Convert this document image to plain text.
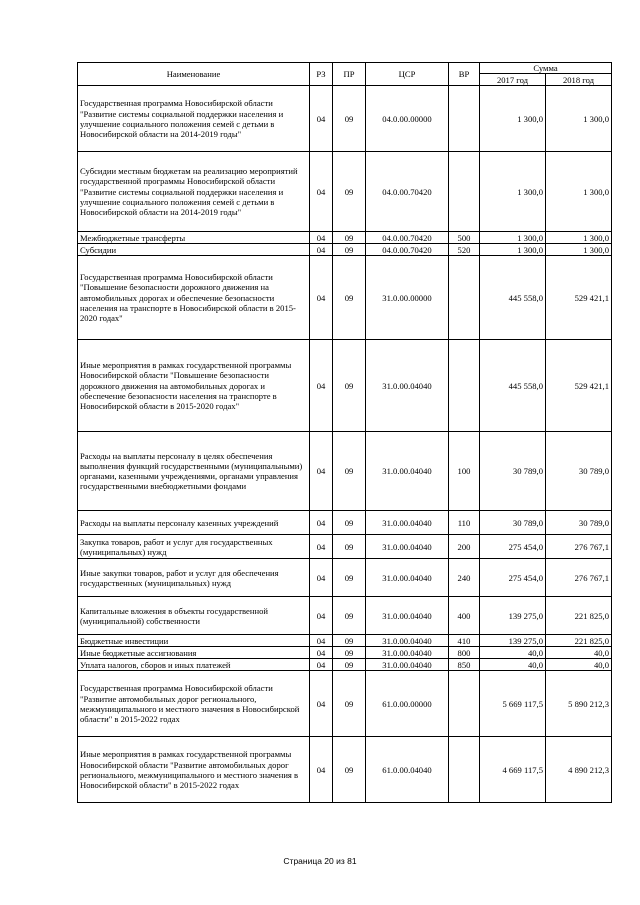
Наименование	РЗ	ПР	ЦСР	ВР	Сумма	
					2017 год	2018 год
Государственная программа Новосибирской области "Развитие системы социальной поддержки населения и улучшение социального положения семей с детьми в Новосибирской области на 2014-2019 годы"	04	09	04.0.00.00000		1 300,0	1 300,0
Субсидии местным бюджетам на реализацию мероприятий государственной программы Новосибирской области "Развитие системы социальной поддержки населения и улучшение социального положения семей с детьми в Новосибирской области на 2014-2019 годы"	04	09	04.0.00.70420		1 300,0	1 300,0
Межбюджетные трансферты	04	09	04.0.00.70420	500	1 300,0	1 300,0
Субсидии	04	09	04.0.00.70420	520	1 300,0	1 300,0
Государственная программа Новосибирской области "Повышение безопасности дорожного движения на автомобильных дорогах и обеспечение безопасности населения на транспорте в Новосибирской области в 2015-2020 годах"	04	09	31.0.00.00000		445 558,0	529 421,1
Иные мероприятия в рамках государственной программы Новосибирской области "Повышение безопасности дорожного движения на автомобильных дорогах и обеспечение безопасности населения на транспорте в Новосибирской области в 2015-2020 годах"	04	09	31.0.00.04040		445 558,0	529 421,1
Расходы на выплаты персоналу в целях обеспечения выполнения функций государственными (муниципальными) органами, казенными учреждениями, органами управления государственными внебюджетными фондами	04	09	31.0.00.04040	100	30 789,0	30 789,0
Расходы на выплаты персоналу казенных учреждений	04	09	31.0.00.04040	110	30 789,0	30 789,0
Закупка товаров, работ и услуг для государственных (муниципальных) нужд	04	09	31.0.00.04040	200	275 454,0	276 767,1
Иные закупки товаров, работ и услуг для обеспечения государственных (муниципальных) нужд	04	09	31.0.00.04040	240	275 454,0	276 767,1
Капитальные вложения в объекты государственной (муниципальной) собственности	04	09	31.0.00.04040	400	139 275,0	221 825,0
Бюджетные инвестиции	04	09	31.0.00.04040	410	139 275,0	221 825,0
Иные бюджетные ассигнования	04	09	31.0.00.04040	800	40,0	40,0
Уплата налогов, сборов и иных платежей	04	09	31.0.00.04040	850	40,0	40,0
Государственная программа Новосибирской области "Развитие автомобильных дорог регионального, межмуниципального и местного значения в Новосибирской области" в 2015-2022 годах	04	09	61.0.00.00000		5 669 117,5	5 890 212,3
Иные мероприятия в рамках государственной программы Новосибирской области "Развитие автомобильных дорог регионального, межмуниципального и местного значения в Новосибирской области" в 2015-2022 годах	04	09	61.0.00.04040		4 669 117,5	4 890 212,3
Страница 20 из 81
